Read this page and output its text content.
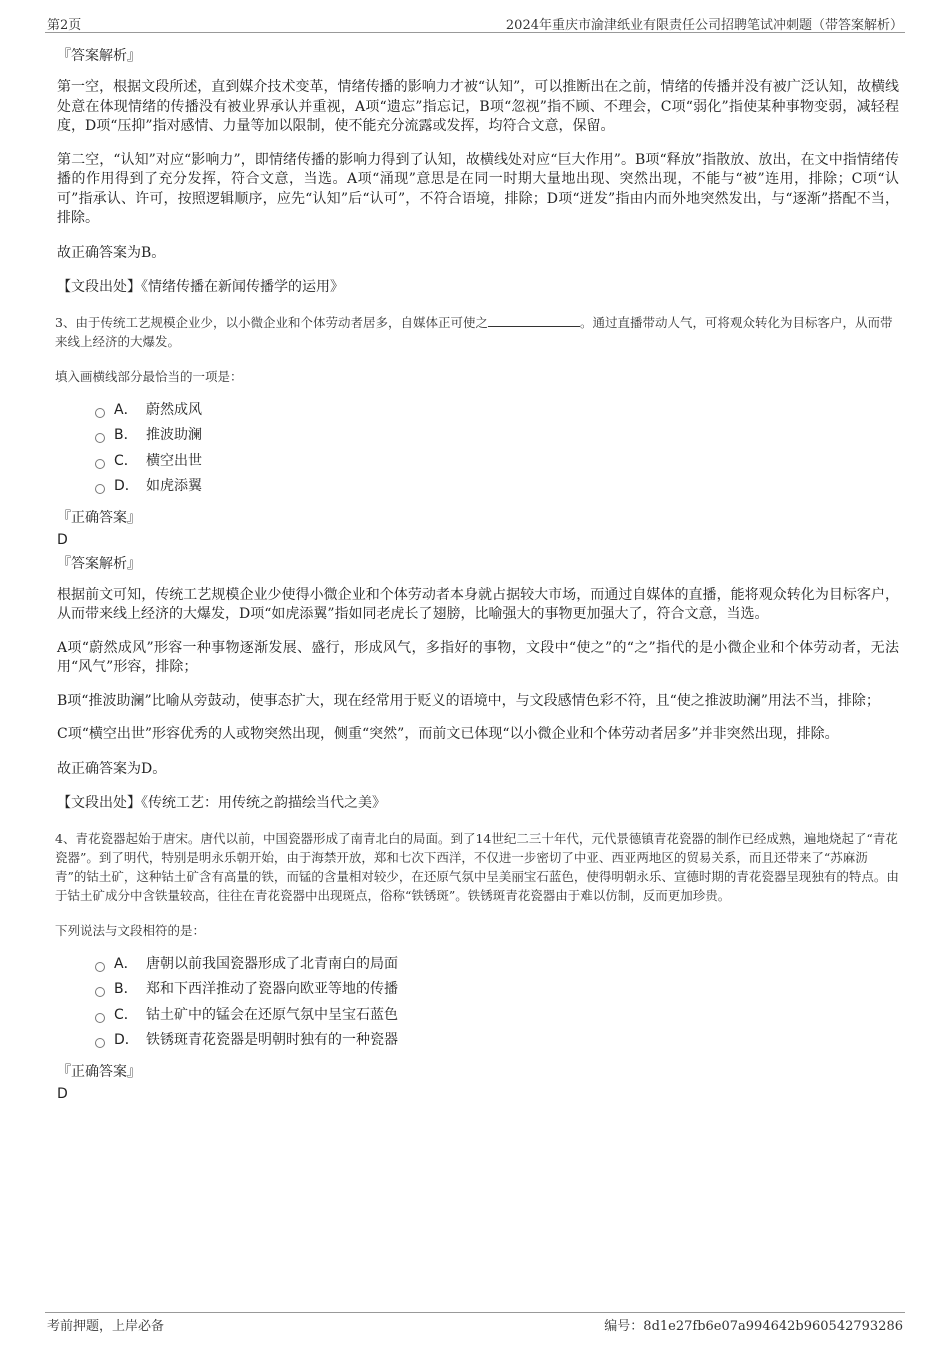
第2页	2024年重庆市渝津纸业有限责任公司招聘笔试冲刺题（带答案解析）
『答案解析』

第一空，根据文段所述，直到媒介技术变革，情绪传播的影响力才被“认知”，可以推断出在之前，情绪的传播并没有被广泛认知，故横线处意在体现情绪的传播没有被业界承认并重视，A项“遗忘”指忘记，B项“忽视”指不顾、不理会，C项“弱化”指使某种事物变弱，减轻程度，D项“压抑”指对感情、力量等加以限制，使不能充分流露或发挥，均符合文意，保留。

第二空，“认知”对应“影响力”，即情绪传播的影响力得到了认知，故横线处对应“巨大作用”。B项“释放”指散放、放出，在文中指情绪传播的作用得到了充分发挥，符合文意，当选。A项“涌现”意思是在同一时期大量地出现、突然出现，不能与“被”连用，排除；C项“认可”指承认、许可，按照逻辑顺序，应先“认知”后“认可”，不符合语境，排除；D项“迸发”指由内而外地突然发出，与“逐渐”搭配不当，排除。

故正确答案为B。

【文段出处】《情绪传播在新闻传播学的运用》

3、由于传统工艺规模企业少，以小微企业和个体劳动者居多，自媒体正可使之	。通过直播带动人气，可将观众转化为目标客户，从而带来线上经济的大爆发。

填入画横线部分最恰当的一项是：

A． 蔚然成风
B． 推波助澜
C． 横空出世
D． 如虎添翼
『正确答案』
D
『答案解析』

根据前文可知，传统工艺规模企业少使得小微企业和个体劳动者本身就占据较大市场，而通过自媒体的直播，能将观众转化为目标客户，从而带来线上经济的大爆发，D项“如虎添翼”指如同老虎长了翅膀，比喻强大的事物更加强大了，符合文意，当选。

A项“蔚然成风”形容一种事物逐渐发展、盛行，形成风气，多指好的事物，文段中“使之”的“之”指代的是小微企业和个体劳动者，无法用“风气”形容，排除；

B项“推波助澜”比喻从旁鼓动，使事态扩大，现在经常用于贬义的语境中，与文段感情色彩不符，且“使之推波助澜”用法不当，排除；

C项“横空出世”形容优秀的人或物突然出现，侧重“突然”，而前文已体现“以小微企业和个体劳动者居多”并非突然出现，排除。

故正确答案为D。

【文段出处】《传统工艺：用传统之韵描绘当代之美》

4、青花瓷器起始于唐宋。唐代以前，中国瓷器形成了南青北白的局面。到了14世纪二三十年代，元代景德镇青花瓷器的制作已经成熟，遍地烧起了“青花瓷器”。到了明代，特别是明永乐朝开始，由于海禁开放，郑和七次下西洋，不仅进一步密切了中亚、西亚两地区的贸易关系，而且还带来了“苏麻沥青”的钴土矿，这种钴土矿含有高量的铁，而锰的含量相对较少，在还原气氛中呈美丽宝石蓝色，使得明朝永乐、宣德时期的青花瓷器呈现独有的特点。由于钴土矿成分中含铁量较高，往往在青花瓷器中出现斑点，俗称“铁锈斑”。铁锈斑青花瓷器由于难以仿制，反而更加珍贵。

下列说法与文段相符的是：

A． 唐朝以前我国瓷器形成了北青南白的局面
B． 郑和下西洋推动了瓷器向欧亚等地的传播
C． 钴土矿中的锰会在还原气氛中呈宝石蓝色
D． 铁锈斑青花瓷器是明朝时独有的一种瓷器
『正确答案』
D
考前押题，上岸必备	编号：8d1e27fb6e07a994642b960542793286
